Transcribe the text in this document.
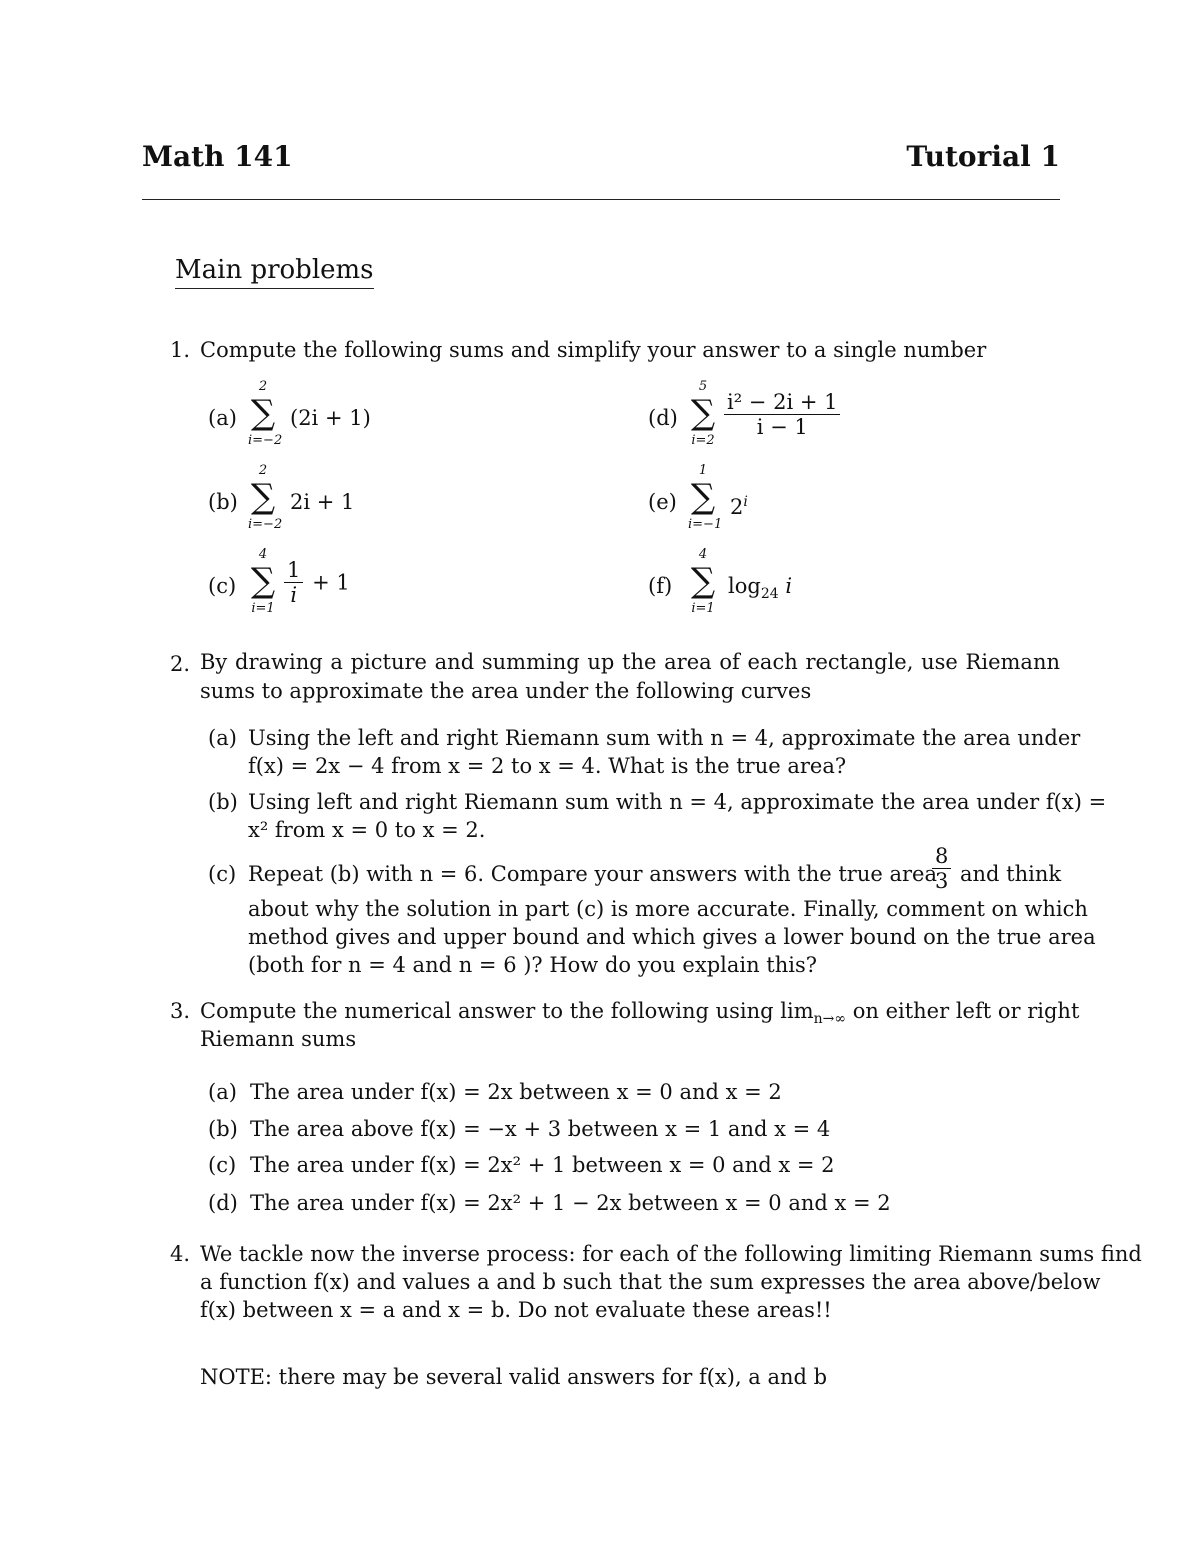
Math 141	Tutorial 1
Main problems
1. Compute the following sums and simplify your answer to a single number
(a)
2
∑
i=−2
(2i + 1)
(b)
2
∑
i=−2
2i + 1
(c)
4
∑
i=1
$\frac{1}{i} + 1$
(d)
5
∑
i=2
$\frac{\text{i² − 2i + 1}}{i - 1}$
(e)
1
∑
i=−1
2$^i$
(f)
4
∑
i=1
$\log_{24} i$
2. By drawing a picture and summing up the area of each rectangle, use Riemann sums to approximate the area under the following curves
(a) Using the left and right Riemann sum with n = 4, approximate the area under
f(x) = 2x − 4 from x = 2 to x = 4. What is the true area?
(b) Using left and right Riemann sum with n = 4, approximate the area under f(x) =
x² from x = 0 to x = 2.
(c) Repeat (b) with n = 6. Compare your answers with the true area
$\frac{8}{3}$ and think
about why the solution in part (c) is more accurate. Finally, comment on which
method gives and upper bound and which gives a lower bound on the true area
(both for n = 4 and n = 6 )? How do you explain this?
3. Compute the numerical answer to the following using $\lim_{n\to\infty}$ on either left or right
Riemann sums
(a) The area under f(x) = 2x between x = 0 and x = 2
(b) The area above f(x) = −x + 3 between x = 1 and x = 4
(c) The area under f(x) = 2x² + 1 between x = 0 and x = 2
(d) The area under f(x) = 2x² + 1 − 2x between x = 0 and x = 2
4. We tackle now the inverse process: for each of the following limiting Riemann sums find
a function f(x) and values a and b such that the sum expresses the area above/below
f(x) between x = a and x = b. Do not evaluate these areas!!
NOTE: there may be several valid answers for f(x), a and b
